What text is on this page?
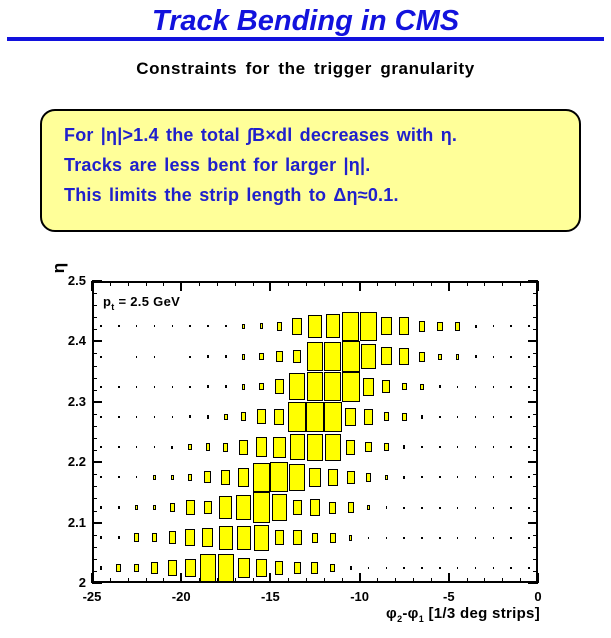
Track Bending in CMS
Constraints for the trigger granularity

For |η|>1.4 the total ∫B×dl decreases with η.

Tracks are less bent for larger |η|.

This limits the strip length to Δη≈0.1.

$p_t = 2.5$ GeV
η
$\varphi_2-\varphi_1$ [1/3 deg strips]
-25	-20	-15	-10	-5	0
2
2.1
2.2
2.3
2.4
2.5
